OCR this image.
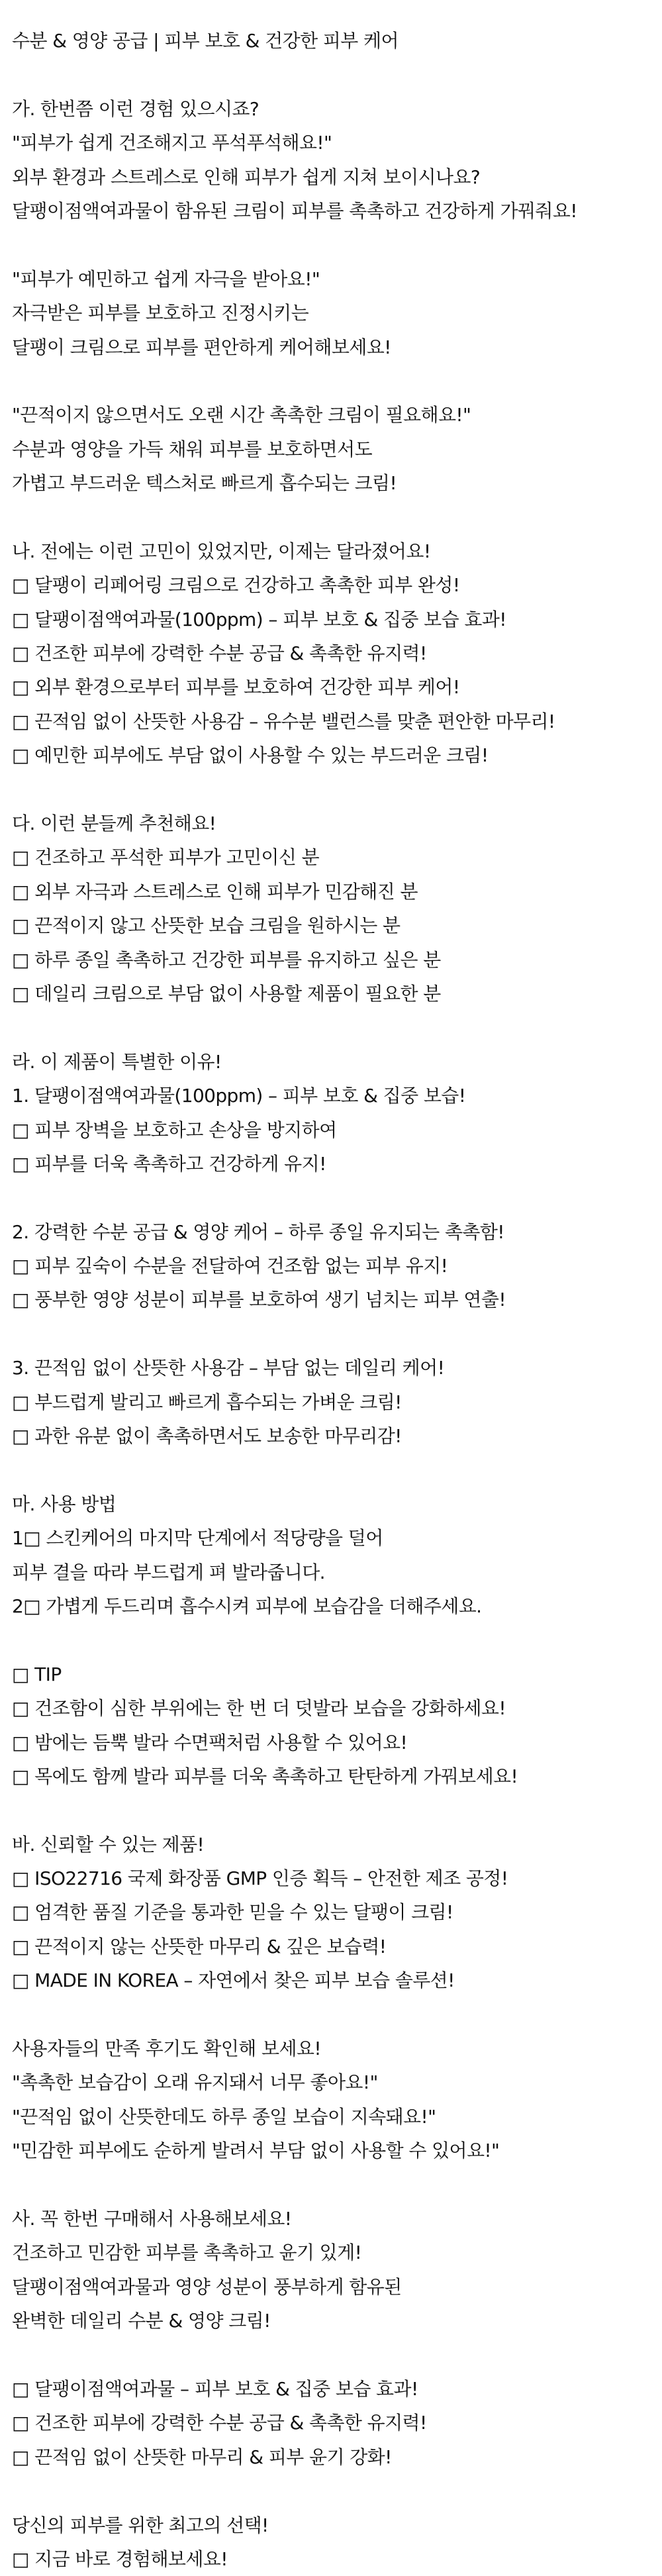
수분 & 영양 공급 | 피부 보호 & 건강한 피부 케어
가. 한번쯤 이런 경험 있으시죠?
"피부가 쉽게 건조해지고 푸석푸석해요!"
외부 환경과 스트레스로 인해 피부가 쉽게 지쳐 보이시나요?
달팽이점액여과물이 함유된 크림이 피부를 촉촉하고 건강하게 가꿔줘요!
"피부가 예민하고 쉽게 자극을 받아요!"
자극받은 피부를 보호하고 진정시키는
달팽이 크림으로 피부를 편안하게 케어해보세요!
"끈적이지 않으면서도 오랜 시간 촉촉한 크림이 필요해요!"
수분과 영양을 가득 채워 피부를 보호하면서도
가볍고 부드러운 텍스처로 빠르게 흡수되는 크림!
나. 전에는 이런 고민이 있었지만, 이제는 달라졌어요!
□ 달팽이 리페어링 크림으로 건강하고 촉촉한 피부 완성!
□ 달팽이점액여과물(100ppm) – 피부 보호 & 집중 보습 효과!
□ 건조한 피부에 강력한 수분 공급 & 촉촉한 유지력!
□ 외부 환경으로부터 피부를 보호하여 건강한 피부 케어!
□ 끈적임 없이 산뜻한 사용감 – 유수분 밸런스를 맞춘 편안한 마무리!
□ 예민한 피부에도 부담 없이 사용할 수 있는 부드러운 크림!
다. 이런 분들께 추천해요!
□ 건조하고 푸석한 피부가 고민이신 분
□ 외부 자극과 스트레스로 인해 피부가 민감해진 분
□ 끈적이지 않고 산뜻한 보습 크림을 원하시는 분
□ 하루 종일 촉촉하고 건강한 피부를 유지하고 싶은 분
□ 데일리 크림으로 부담 없이 사용할 제품이 필요한 분
라. 이 제품이 특별한 이유!
1. 달팽이점액여과물(100ppm) – 피부 보호 & 집중 보습!
□ 피부 장벽을 보호하고 손상을 방지하여
□ 피부를 더욱 촉촉하고 건강하게 유지!
2. 강력한 수분 공급 & 영양 케어 – 하루 종일 유지되는 촉촉함!
□ 피부 깊숙이 수분을 전달하여 건조함 없는 피부 유지!
□ 풍부한 영양 성분이 피부를 보호하여 생기 넘치는 피부 연출!
3. 끈적임 없이 산뜻한 사용감 – 부담 없는 데일리 케어!
□ 부드럽게 발리고 빠르게 흡수되는 가벼운 크림!
□ 과한 유분 없이 촉촉하면서도 보송한 마무리감!
마. 사용 방법
1□ 스킨케어의 마지막 단계에서 적당량을 덜어
피부 결을 따라 부드럽게 펴 발라줍니다.
2□ 가볍게 두드리며 흡수시켜 피부에 보습감을 더해주세요.
□ TIP
□ 건조함이 심한 부위에는 한 번 더 덧발라 보습을 강화하세요!
□ 밤에는 듬뿍 발라 수면팩처럼 사용할 수 있어요!
□ 목에도 함께 발라 피부를 더욱 촉촉하고 탄탄하게 가꿔보세요!
바. 신뢰할 수 있는 제품!
□ ISO22716 국제 화장품 GMP 인증 획득 – 안전한 제조 공정!
□ 엄격한 품질 기준을 통과한 믿을 수 있는 달팽이 크림!
□ 끈적이지 않는 산뜻한 마무리 & 깊은 보습력!
□ MADE IN KOREA – 자연에서 찾은 피부 보습 솔루션!
사용자들의 만족 후기도 확인해 보세요!
"촉촉한 보습감이 오래 유지돼서 너무 좋아요!"
"끈적임 없이 산뜻한데도 하루 종일 보습이 지속돼요!"
"민감한 피부에도 순하게 발려서 부담 없이 사용할 수 있어요!"
사. 꼭 한번 구매해서 사용해보세요!
건조하고 민감한 피부를 촉촉하고 윤기 있게!
달팽이점액여과물과 영양 성분이 풍부하게 함유된
완벽한 데일리 수분 & 영양 크림!
□ 달팽이점액여과물 – 피부 보호 & 집중 보습 효과!
□ 건조한 피부에 강력한 수분 공급 & 촉촉한 유지력!
□ 끈적임 없이 산뜻한 마무리 & 피부 윤기 강화!
당신의 피부를 위한 최고의 선택!
□ 지금 바로 경험해보세요!
